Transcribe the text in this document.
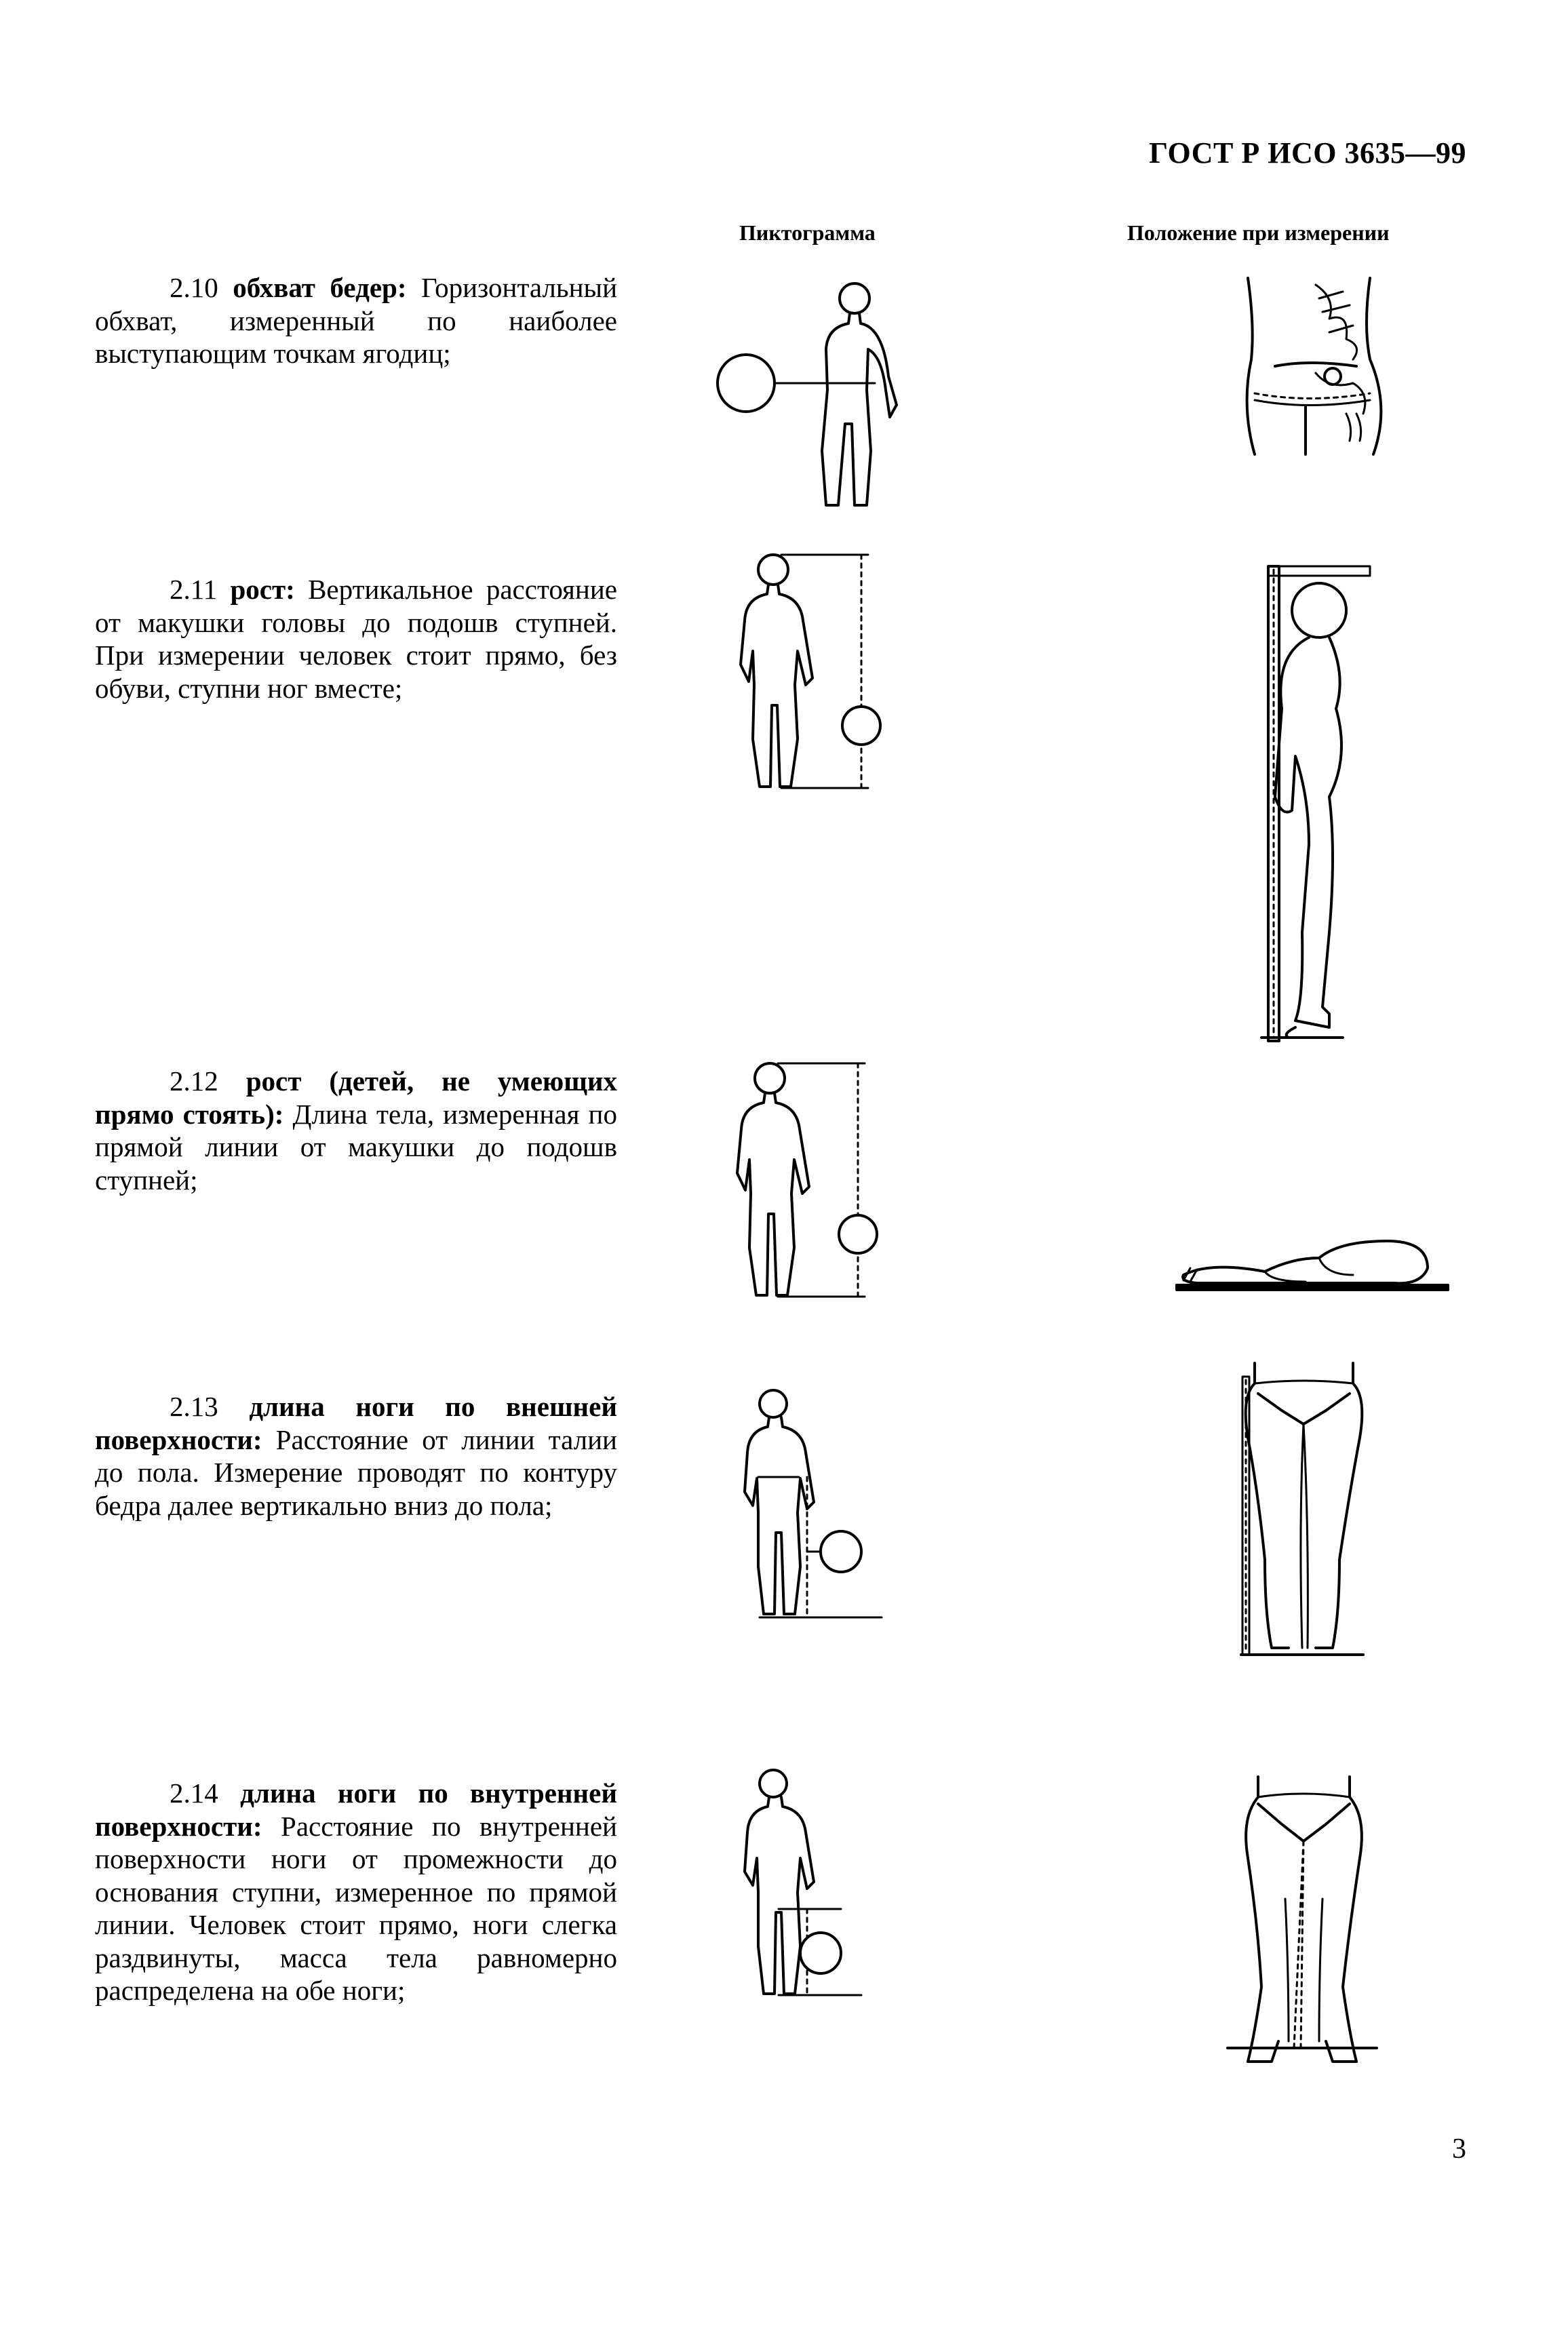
ГОСТ Р ИСО 3635—99
Пиктограмма	Положение при измерении

2.10 обхват бедер: Горизонтальный обхват, измеренный по наиболее выступающим точкам ягодиц;

2.11 рост: Вертикальное расстояние от макушки головы до подошв ступней. При измерении человек стоит прямо, без обуви, ступни ног вместе;

2.12 рост (детей, не умеющих прямо стоять): Длина тела, измеренная по прямой линии от макушки до подошв ступней;

2.13 длина ноги по внешней поверхности: Расстояние от линии талии до пола. Измерение проводят по контуру бедра далее вертикально вниз до пола;

2.14 длина ноги по внутренней поверхности: Расстояние по внутренней поверхности ноги от промежности до основания ступни, измеренное по прямой линии. Человек стоит прямо, ноги слегка раздвинуты, масса тела равномерно распределена на обе ноги;

3
